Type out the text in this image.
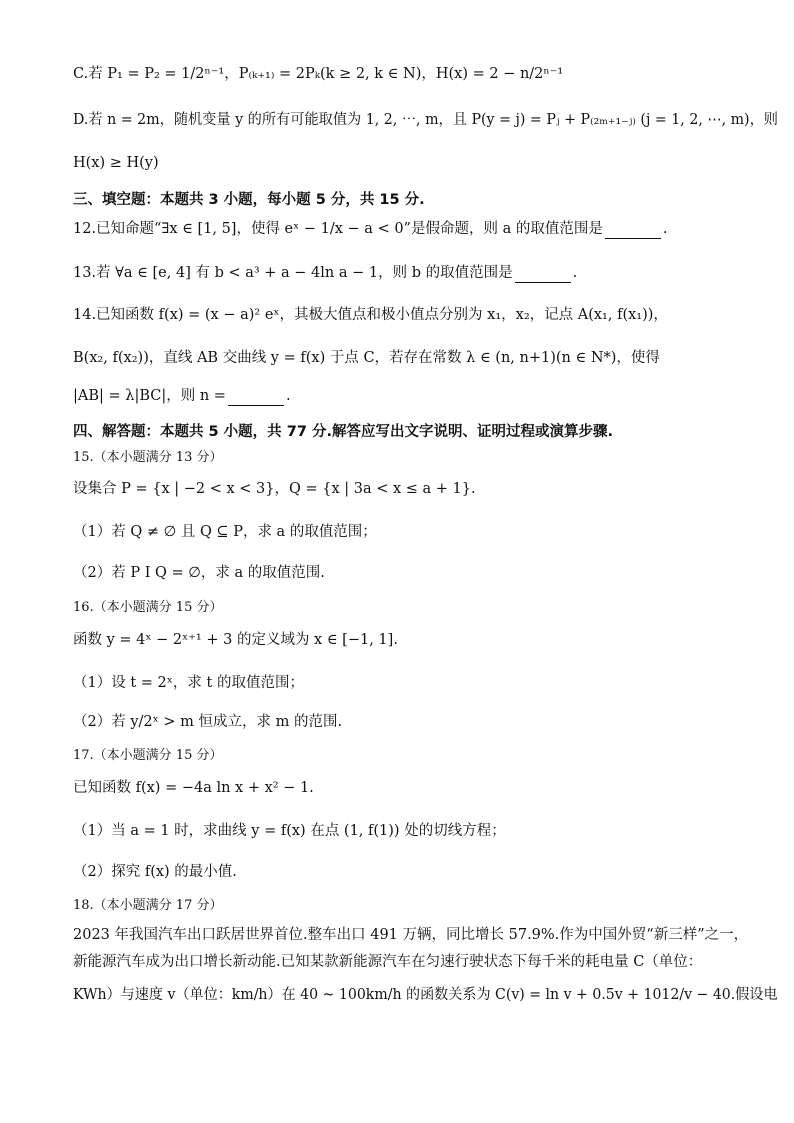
C.若 P₁ = P₂ = 1/2ⁿ⁻¹，P₍ₖ₊₁₎ = 2Pₖ(k ≥ 2, k ∈ N)，H(x) = 2 − n/2ⁿ⁻¹
D.若 n = 2m，随机变量 y 的所有可能取值为 1, 2, ⋯, m，且 P(y = j) = Pⱼ + P₍₂ₘ₊₁₋ⱼ₎ (j = 1, 2, ⋯, m)，则
H(x) ≥ H(y)
三、填空题：本题共 3 小题，每小题 5 分，共 15 分.
12.已知命题“∃x ∈ [1, 5]，使得 eˣ − 1/x − a < 0”是假命题，则 a 的取值范围是	.
13.若 ∀a ∈ [e, 4] 有 b < a³ + a − 4ln a − 1，则 b 的取值范围是	.
14.已知函数 f(x) = (x − a)² eˣ，其极大值点和极小值点分别为 x₁，x₂，记点 A(x₁, f(x₁))，
B(x₂, f(x₂))，直线 AB 交曲线 y = f(x) 于点 C，若存在常数 λ ∈ (n, n+1)(n ∈ N*)，使得
|AB| = λ|BC|，则 n =	.
四、解答题：本题共 5 小题，共 77 分.解答应写出文字说明、证明过程或演算步骤.
15.（本小题满分 13 分）
设集合 P = {x | −2 < x < 3}，Q = {x | 3a < x ≤ a + 1}.
（1）若 Q ≠ ∅ 且 Q ⊆ P，求 a 的取值范围；
（2）若 P I Q = ∅，求 a 的取值范围.
16.（本小题满分 15 分）
函数 y = 4ˣ − 2ˣ⁺¹ + 3 的定义域为 x ∈ [−1, 1].
（1）设 t = 2ˣ，求 t 的取值范围；
（2）若 y/2ˣ > m 恒成立，求 m 的范围.
17.（本小题满分 15 分）
已知函数 f(x) = −4a ln x + x² − 1.
（1）当 a = 1 时，求曲线 y = f(x) 在点 (1, f(1)) 处的切线方程；
（2）探究 f(x) 的最小值.
18.（本小题满分 17 分）
2023 年我国汽车出口跃居世界首位.整车出口 491 万辆，同比增长 57.9%.作为中国外贸“新三样”之一，
新能源汽车成为出口增长新动能.已知某款新能源汽车在匀速行驶状态下每千米的耗电量 C（单位：
KWh）与速度 v（单位：km/h）在 40 ~ 100km/h 的函数关系为 C(v) = ln v + 0.5v + 1012/v − 40.假设电
